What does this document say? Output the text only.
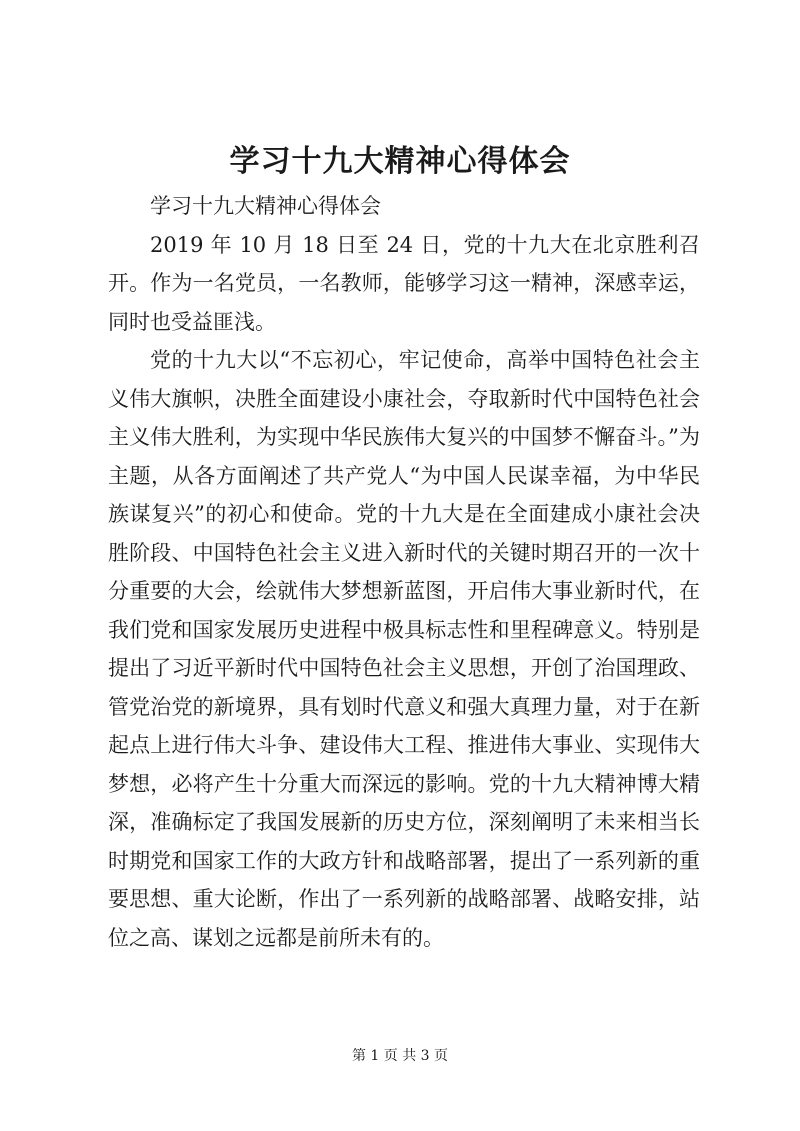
学习十九大精神心得体会

学习十九大精神心得体会

2019 年 10 月 18 日至 24 日，党的十九大在北京胜利召开。作为一名党员，一名教师，能够学习这一精神，深感幸运，同时也受益匪浅。

党的十九大以“不忘初心，牢记使命，高举中国特色社会主义伟大旗帜，决胜全面建设小康社会，夺取新时代中国特色社会主义伟大胜利，为实现中华民族伟大复兴的中国梦不懈奋斗。”为主题，从各方面阐述了共产党人“为中国人民谋幸福，为中华民族谋复兴”的初心和使命。党的十九大是在全面建成小康社会决胜阶段、中国特色社会主义进入新时代的关键时期召开的一次十分重要的大会，绘就伟大梦想新蓝图，开启伟大事业新时代，在我们党和国家发展历史进程中极具标志性和里程碑意义。特别是提出了习近平新时代中国特色社会主义思想，开创了治国理政、管党治党的新境界，具有划时代意义和强大真理力量，对于在新起点上进行伟大斗争、建设伟大工程、推进伟大事业、实现伟大梦想，必将产生十分重大而深远的影响。党的十九大精神博大精深，准确标定了我国发展新的历史方位，深刻阐明了未来相当长时期党和国家工作的大政方针和战略部署，提出了一系列新的重要思想、重大论断，作出了一系列新的战略部署、战略安排，站位之高、谋划之远都是前所未有的。

第 1 页 共 3 页
